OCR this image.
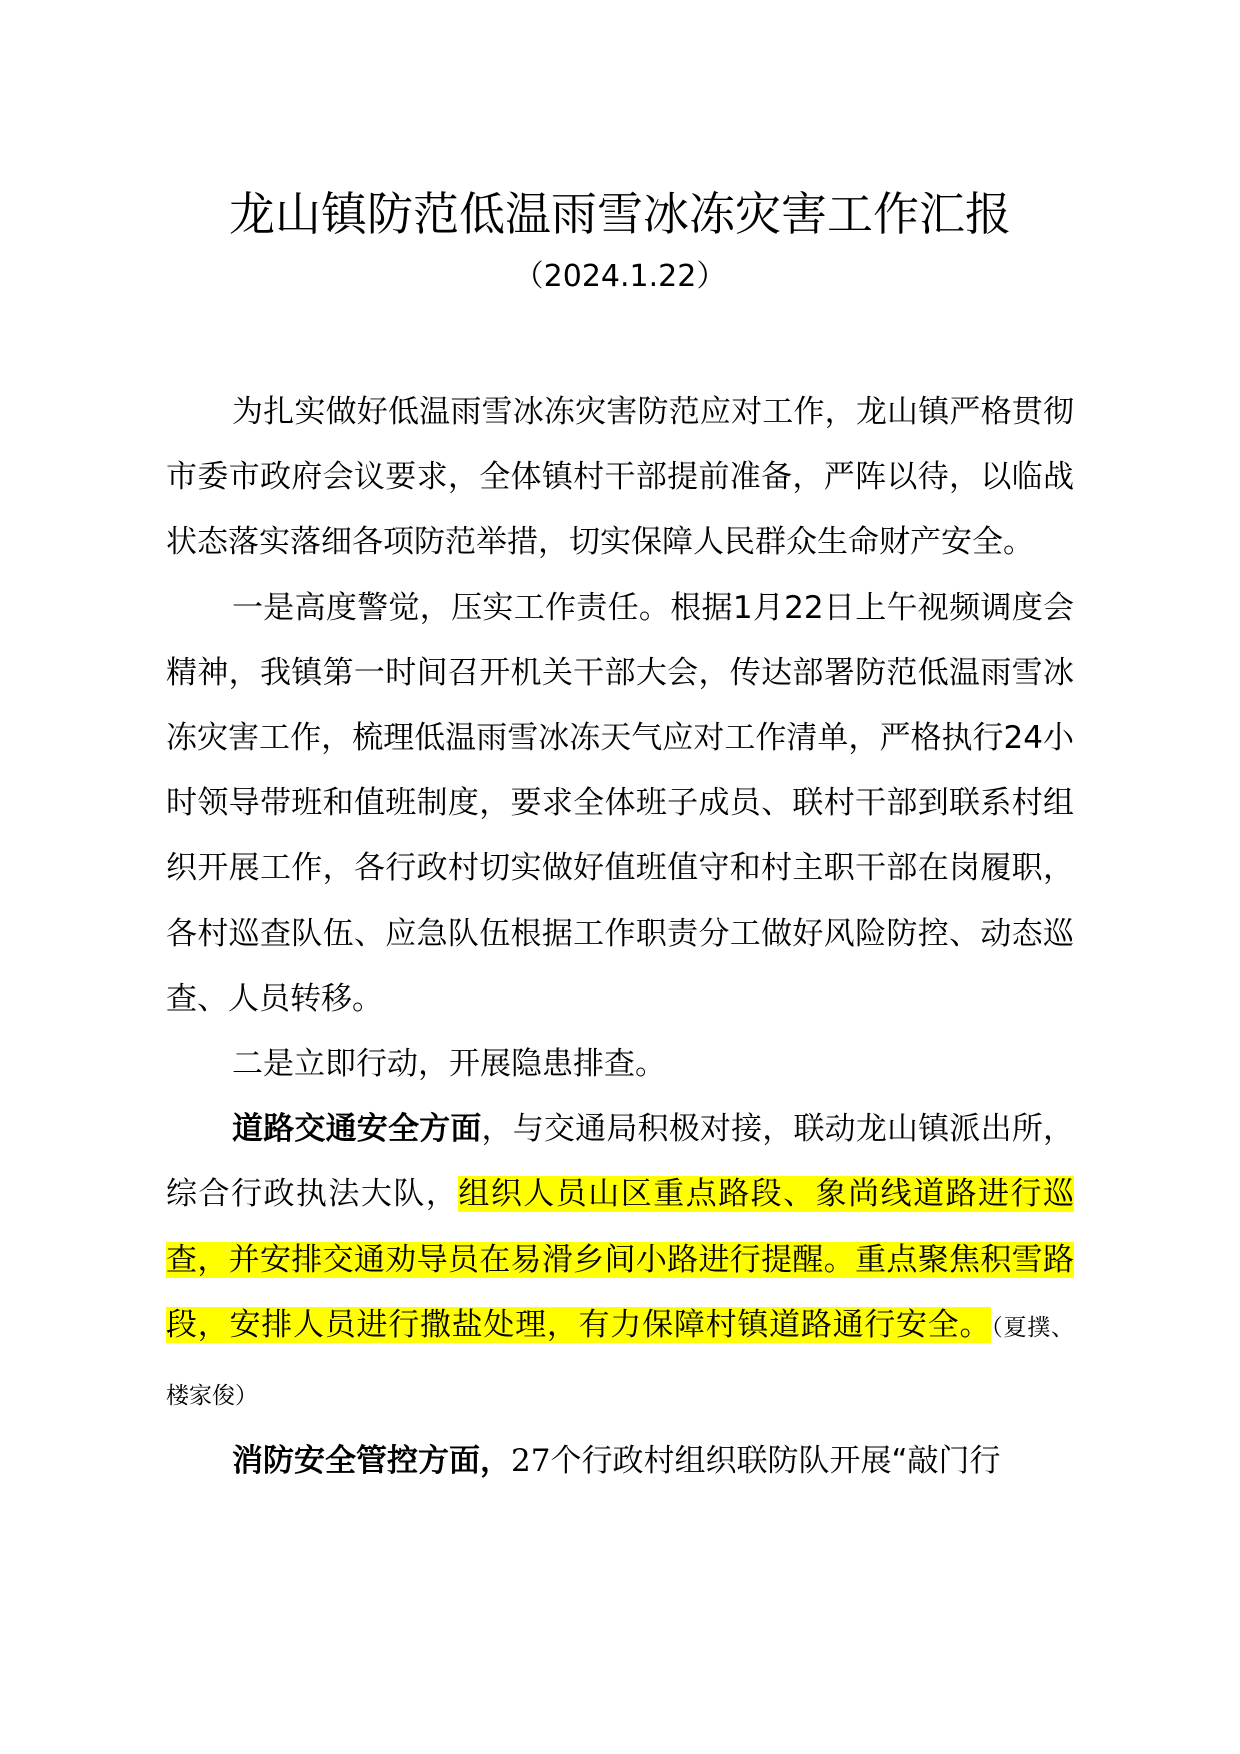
龙山镇防范低温雨雪冰冻灾害工作汇报
（2024.1.22）

为扎实做好低温雨雪冰冻灾害防范应对工作，龙山镇严格贯彻市委市政府会议要求，全体镇村干部提前准备，严阵以待，以临战状态落实落细各项防范举措，切实保障人民群众生命财产安全。

一是高度警觉，压实工作责任。根据1月22日上午视频调度会精神，我镇第一时间召开机关干部大会，传达部署防范低温雨雪冰冻灾害工作，梳理低温雨雪冰冻天气应对工作清单，严格执行24小时领导带班和值班制度，要求全体班子成员、联村干部到联系村组织开展工作，各行政村切实做好值班值守和村主职干部在岗履职，各村巡查队伍、应急队伍根据工作职责分工做好风险防控、动态巡查、人员转移。

二是立即行动，开展隐患排查。

道路交通安全方面，与交通局积极对接，联动龙山镇派出所，综合行政执法大队，组织人员山区重点路段、象尚线道路进行巡查，并安排交通劝导员在易滑乡间小路进行提醒。重点聚焦积雪路段，安排人员进行撒盐处理，有力保障村镇道路通行安全。（夏撲、楼家俊）

消防安全管控方面，27个行政村组织联防队开展“敲门行
